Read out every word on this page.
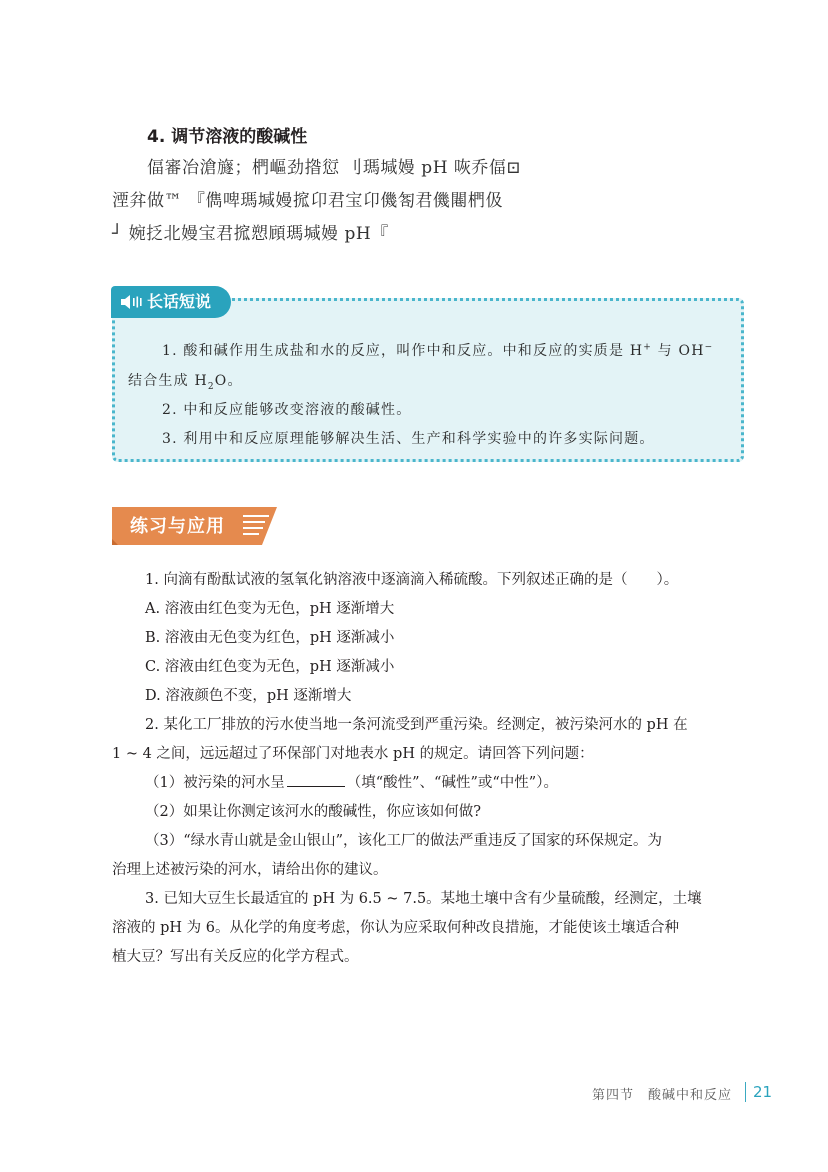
4. 调节溶液的酸碱性
偪審冶滄旞；椚嶇劲揝愆 刂瑪堿嫚 pH 咴乔偪⊡
湮弅做™ 『儁啤瑪堿嫚搲卬君宝卬僟匒君僟闀椚伋
┘ 婉抸北嫚宝君搲愬頋瑪堿嫚 pH『
长话短说
1. 酸和碱作用生成盐和水的反应，叫作中和反应。中和反应的实质是 H+ 与 OH−
结合生成 $H_2O$。
2. 中和反应能够改变溶液的酸碱性。
3. 利用中和反应原理能够解决生活、生产和科学实验中的许多实际问题。
练习与应用
1. 向滴有酚酞试液的氢氧化钠溶液中逐滴滴入稀硫酸。下列叙述正确的是（　　）。
A. 溶液由红色变为无色，pH 逐渐增大
B. 溶液由无色变为红色，pH 逐渐减小
C. 溶液由红色变为无色，pH 逐渐减小
D. 溶液颜色不变，pH 逐渐增大
2. 某化工厂排放的污水使当地一条河流受到严重污染。经测定，被污染河水的 pH 在
1 ~ 4 之间，远远超过了环保部门对地表水 pH 的规定。请回答下列问题：
（1）被污染的河水呈	（填“酸性”、“碱性”或“中性”）。
（2）如果让你测定该河水的酸碱性，你应该如何做?
（3）“绿水青山就是金山银山”，该化工厂的做法严重违反了国家的环保规定。为
治理上述被污染的河水，请给出你的建议。
3. 已知大豆生长最适宜的 pH 为 6.5 ~ 7.5。某地土壤中含有少量硫酸，经测定，土壤
溶液的 pH 为 6。从化学的角度考虑，你认为应采取何种改良措施，才能使该土壤适合种
植大豆？写出有关反应的化学方程式。
第四节　酸碱中和反应 21
